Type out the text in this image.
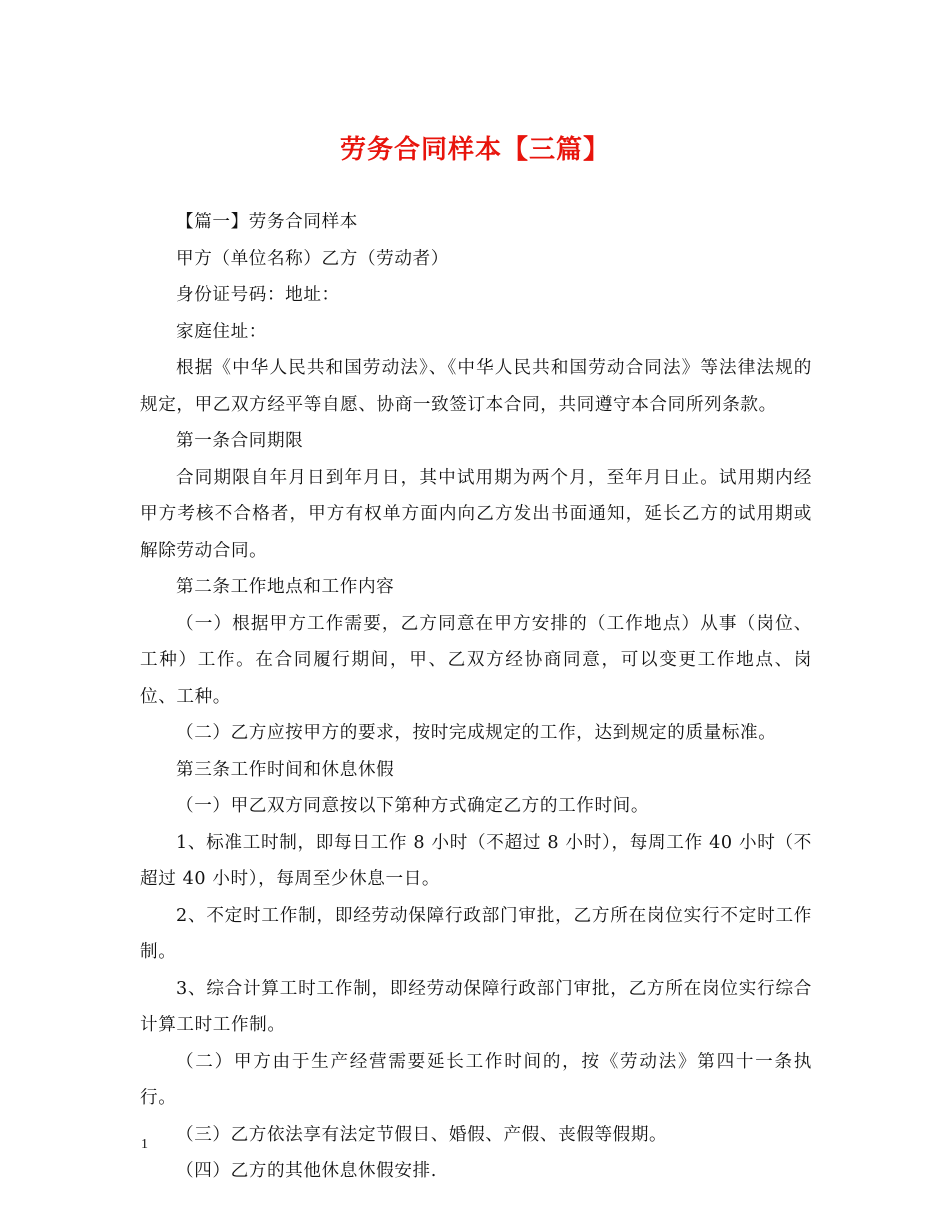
劳务合同样本【三篇】

【篇一】劳务合同样本

甲方（单位名称）乙方（劳动者）

身份证号码：地址：

家庭住址：

根据《中华人民共和国劳动法》、《中华人民共和国劳动合同法》等法律法规的规定，甲乙双方经平等自愿、协商一致签订本合同，共同遵守本合同所列条款。

第一条合同期限

合同期限自年月日到年月日，其中试用期为两个月，至年月日止。试用期内经甲方考核不合格者，甲方有权单方面内向乙方发出书面通知，延长乙方的试用期或解除劳动合同。

第二条工作地点和工作内容

（一）根据甲方工作需要，乙方同意在甲方安排的（工作地点）从事（岗位、工种）工作。在合同履行期间，甲、乙双方经协商同意，可以变更工作地点、岗位、工种。

（二）乙方应按甲方的要求，按时完成规定的工作，达到规定的质量标准。

第三条工作时间和休息休假

（一）甲乙双方同意按以下第种方式确定乙方的工作时间。

1、标准工时制，即每日工作 8 小时（不超过 8 小时），每周工作 40 小时（不超过 40 小时），每周至少休息一日。

2、不定时工作制，即经劳动保障行政部门审批，乙方所在岗位实行不定时工作制。

3、综合计算工时工作制，即经劳动保障行政部门审批，乙方所在岗位实行综合计算工时工作制。

（二）甲方由于生产经营需要延长工作时间的，按《劳动法》第四十一条执行。

（三）乙方依法享有法定节假日、婚假、产假、丧假等假期。

（四）乙方的其他休息休假安排.

1
